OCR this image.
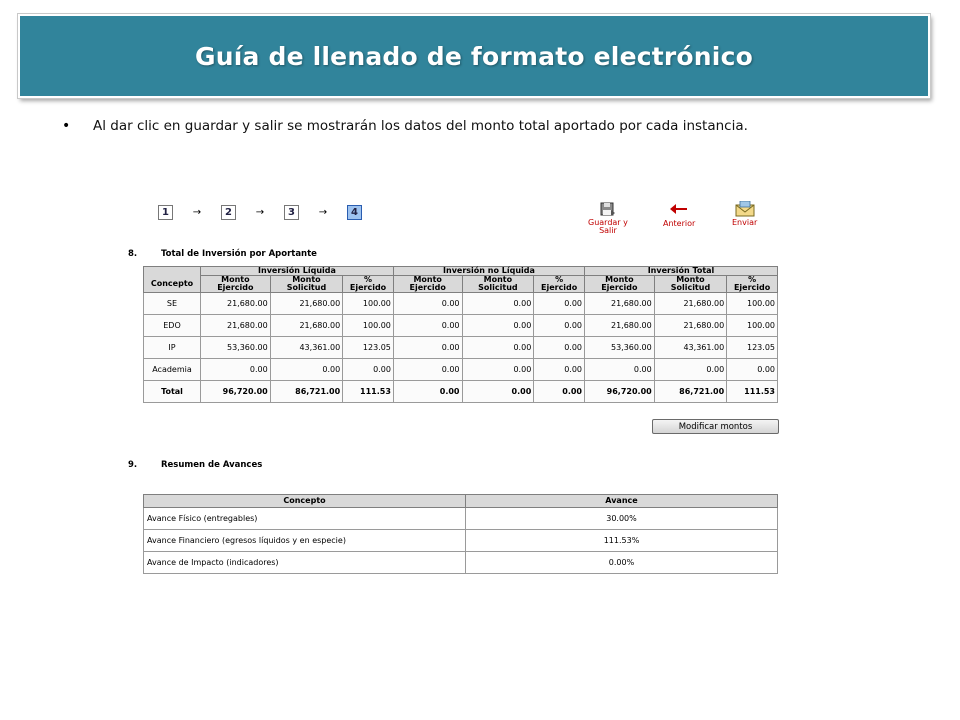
Guía de llenado de formato electrónico
• Al dar clic en guardar y salir se mostrarán los datos del monto total aportado por cada instancia.
1	→	2	→	3	→	4
Guardar y
Salir
Anterior	Enviar
8.	Total de Inversión por Aportante
	Inversión Líquida			Inversión no Líquida			Inversión Total		
Concepto	Monto Ejercido	Monto Solicitud	% Ejercido	Monto Ejercido	Monto Solicitud	% Ejercido	Monto Ejercido	Monto Solicitud	% Ejercido
SE	21,680.00	21,680.00	100.00	0.00	0.00	0.00	21,680.00	21,680.00	100.00
EDO	21,680.00	21,680.00	100.00	0.00	0.00	0.00	21,680.00	21,680.00	100.00
IP	53,360.00	43,361.00	123.05	0.00	0.00	0.00	53,360.00	43,361.00	123.05
Academia	0.00	0.00	0.00	0.00	0.00	0.00	0.00	0.00	0.00
Total	96,720.00	86,721.00	111.53	0.00	0.00	0.00	96,720.00	86,721.00	111.53
Modificar montos
9.	Resumen de Avances
Concepto	Avance
Avance Físico (entregables)	30.00%
Avance Financiero (egresos líquidos y en especie)	111.53%
Avance de Impacto (indicadores)	0.00%
